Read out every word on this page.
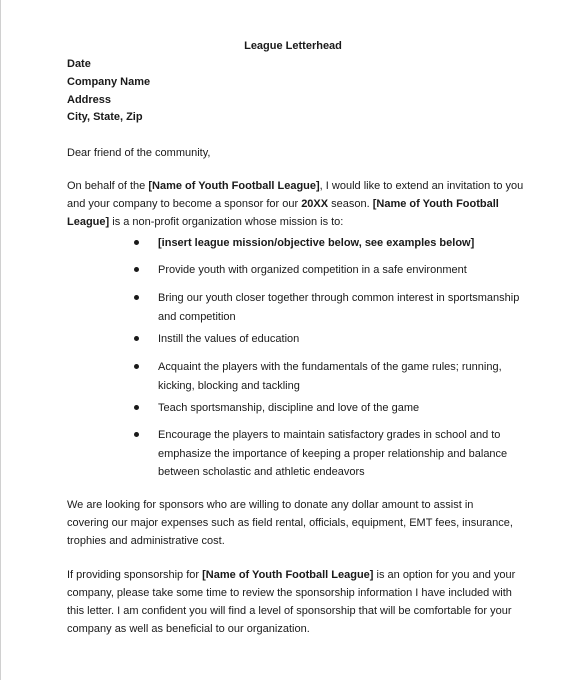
League Letterhead
Date
Company Name
Address
City, State, Zip
Dear friend of the community,
On behalf of the [Name of Youth Football League], I would like to extend an invitation to you and your company to become a sponsor for our 20XX season. [Name of Youth Football League] is a non-profit organization whose mission is to:
[insert league mission/objective below, see examples below]
Provide youth with organized competition in a safe environment
Bring our youth closer together through common interest in sportsmanship and competition
Instill the values of education
Acquaint the players with the fundamentals of the game rules; running, kicking, blocking and tackling
Teach sportsmanship, discipline and love of the game
Encourage the players to maintain satisfactory grades in school and to emphasize the importance of keeping a proper relationship and balance between scholastic and athletic endeavors
We are looking for sponsors who are willing to donate any dollar amount to assist in covering our major expenses such as field rental, officials, equipment, EMT fees, insurance, trophies and administrative cost.
If providing sponsorship for [Name of Youth Football League] is an option for you and your company, please take some time to review the sponsorship information I have included with this letter. I am confident you will find a level of sponsorship that will be comfortable for your company as well as beneficial to our organization.
